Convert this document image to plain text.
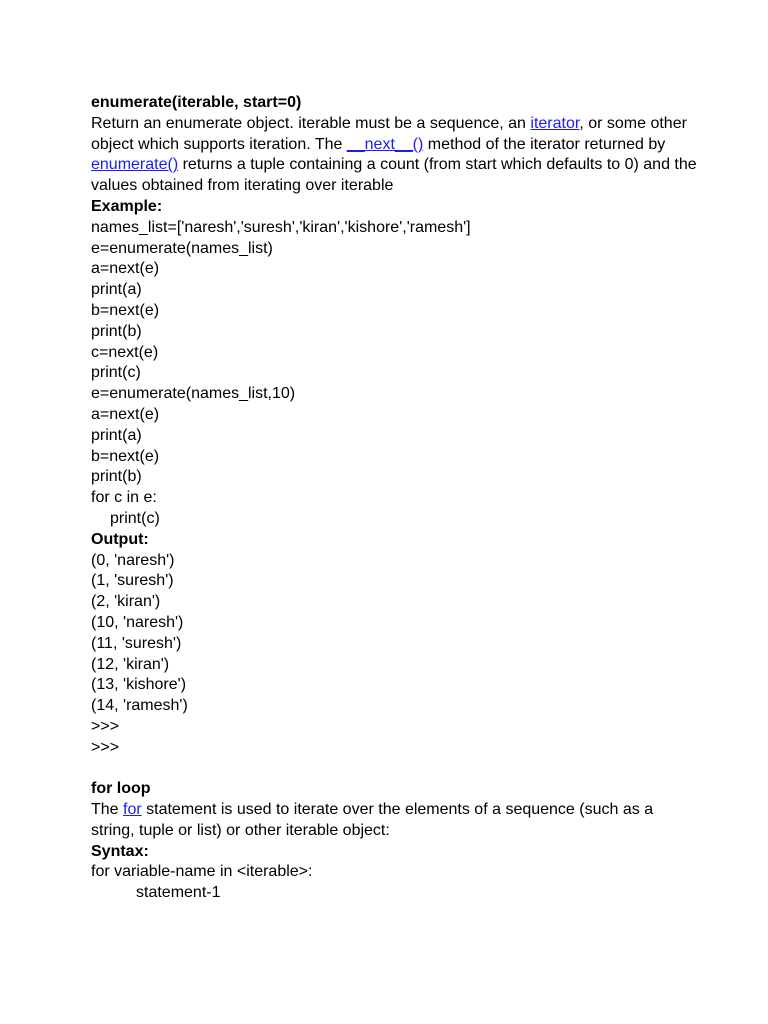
enumerate(iterable, start=0)
Return an enumerate object. iterable must be a sequence, an iterator, or some other object which supports iteration. The __next__() method of the iterator returned by enumerate() returns a tuple containing a count (from start which defaults to 0) and the values obtained from iterating over iterable
Example:
names_list=['naresh','suresh','kiran','kishore','ramesh']
e=enumerate(names_list)
a=next(e)
print(a)
b=next(e)
print(b)
c=next(e)
print(c)
e=enumerate(names_list,10)
a=next(e)
print(a)
b=next(e)
print(b)
for c in e:
print(c)
Output:
(0, 'naresh')
(1, 'suresh')
(2, 'kiran')
(10, 'naresh')
(11, 'suresh')
(12, 'kiran')
(13, 'kishore')
(14, 'ramesh')
>>>
>>>
for loop
The for statement is used to iterate over the elements of a sequence (such as a string, tuple or list) or other iterable object:
Syntax:
for variable-name in <iterable>:
statement-1
